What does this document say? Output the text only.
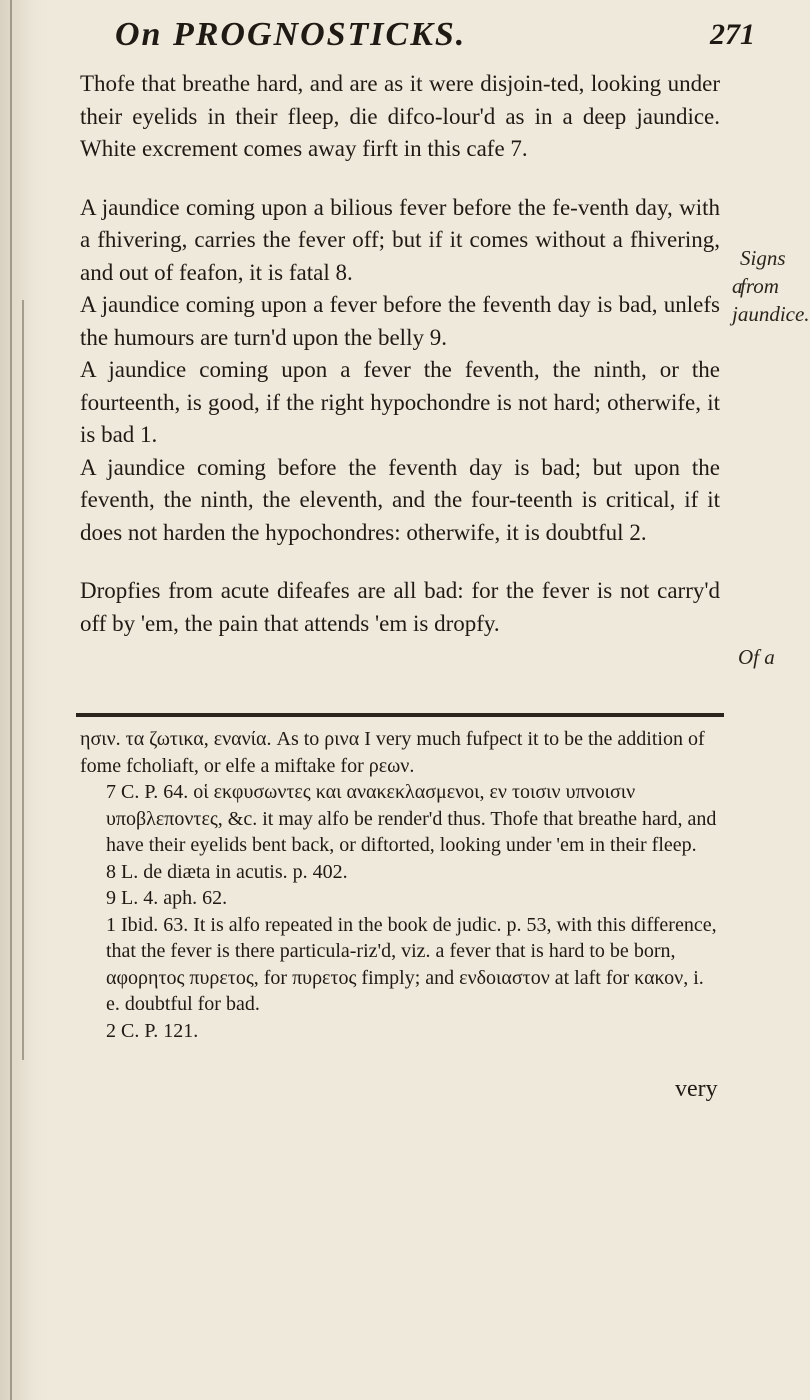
On PROGNOSTICKS.	271
Signs from
a jaundice.
Of a

Thofe that breathe hard, and are as it were disjoin-ted, looking under their eyelids in their fleep, die difco-lour'd as in a deep jaundice. White excrement comes away firft in this cafe 7.

A jaundice coming upon a bilious fever before the fe-venth day, with a fhivering, carries the fever off; but if it comes without a fhivering, and out of feafon, it is fatal 8.

A jaundice coming upon a fever before the feventh day is bad, unlefs the humours are turn'd upon the belly 9.

A jaundice coming upon a fever the feventh, the ninth, or the fourteenth, is good, if the right hypochondre is not hard; otherwife, it is bad 1.

A jaundice coming before the feventh day is bad; but upon the feventh, the ninth, the eleventh, and the four-teenth is critical, if it does not harden the hypochondres: otherwife, it is doubtful 2.

Dropfies from acute difeafes are all bad: for the fever is not carry'd off by 'em, the pain that attends 'em is dropfy.

ησιν. τα ζωτικα, ενανία. As to ρινα I very much fufpect it to be the addition of fome fcholiaft, or elfe a miftake for ρεων.

7 C. P. 64. οἱ εκφυσωντες και ανακεκλασμενοι, εν τοισιν υπνοισιν υποβλεποντες, &c. it may alfo be render'd thus. Thofe that breathe hard, and have their eyelids bent back, or diftorted, looking under 'em in their fleep.

8 L. de diæta in acutis. p. 402.

9 L. 4. aph. 62.

1 Ibid. 63. It is alfo repeated in the book de judic. p. 53, with this difference, that the fever is there particula-riz'd, viz. a fever that is hard to be born, αφορητος πυρετος, for πυρετος fimply; and ενδοιαστον at laft for κακον, i. e. doubtful for bad.

2 C. P. 121.

very
